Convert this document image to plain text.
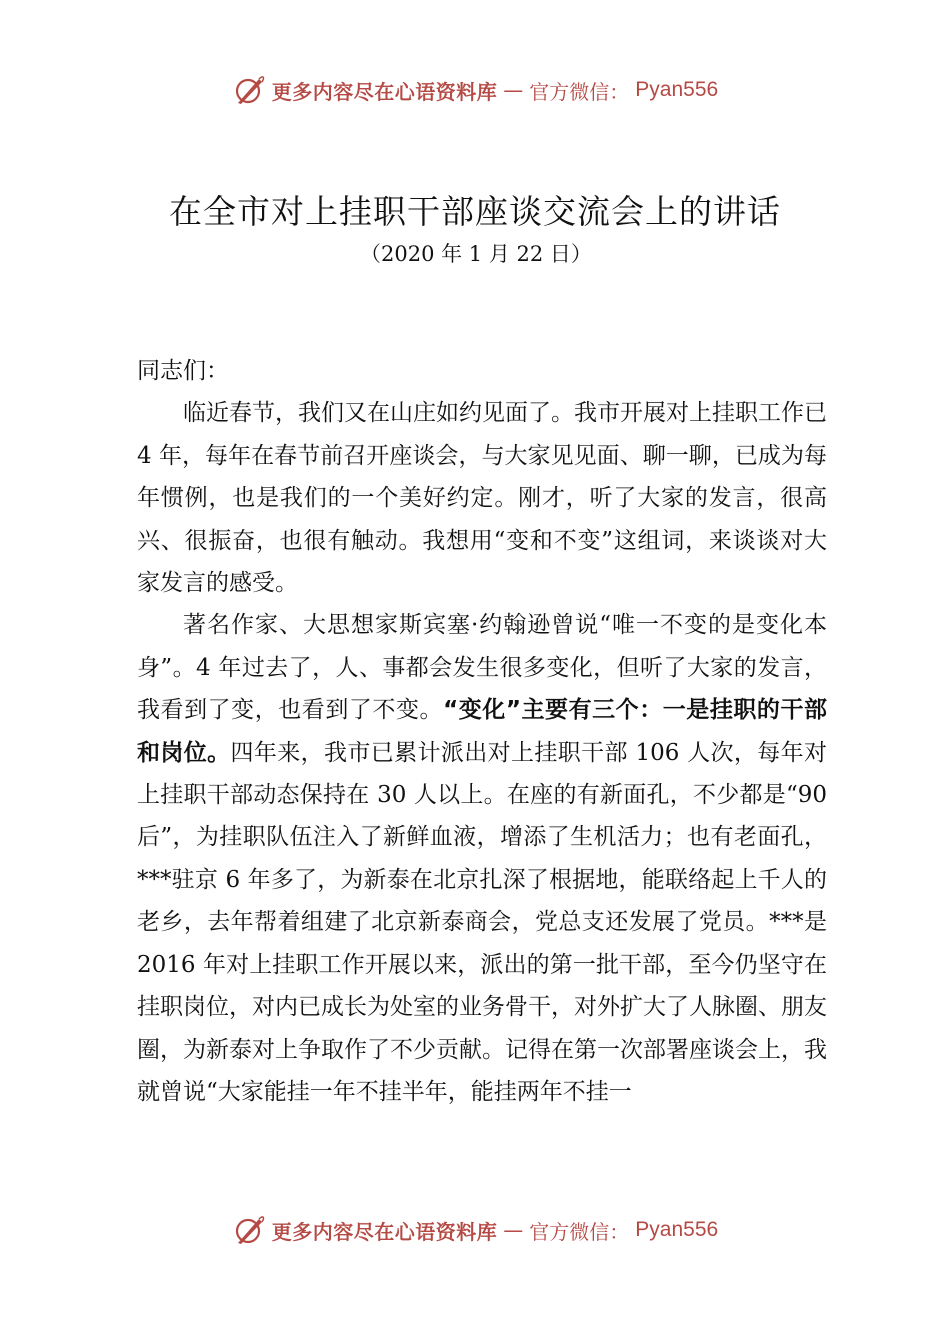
更多内容尽在心语资料库 — 官方微信： Pyan556
在全市对上挂职干部座谈交流会上的讲话
（2020 年 1 月 22 日）

同志们：

临近春节，我们又在山庄如约见面了。我市开展对上挂职工作已 4 年，每年在春节前召开座谈会，与大家见见面、聊一聊，已成为每年惯例，也是我们的一个美好约定。刚才，听了大家的发言，很高兴、很振奋，也很有触动。我想用“变和不变”这组词，来谈谈对大家发言的感受。

著名作家、大思想家斯宾塞·约翰逊曾说“唯一不变的是变化本身”。4 年过去了，人、事都会发生很多变化，但听了大家的发言，我看到了变，也看到了不变。“变化”主要有三个：一是挂职的干部和岗位。四年来，我市已累计派出对上挂职干部 106 人次，每年对上挂职干部动态保持在 30 人以上。在座的有新面孔，不少都是“90 后”，为挂职队伍注入了新鲜血液，增添了生机活力；也有老面孔，***驻京 6 年多了，为新泰在北京扎深了根据地，能联络起上千人的老乡，去年帮着组建了北京新泰商会，党总支还发展了党员。***是 2016 年对上挂职工作开展以来，派出的第一批干部，至今仍坚守在挂职岗位，对内已成长为处室的业务骨干，对外扩大了人脉圈、朋友圈，为新泰对上争取作了不少贡献。记得在第一次部署座谈会上，我就曾说“大家能挂一年不挂半年，能挂两年不挂一

更多内容尽在心语资料库 — 官方微信： Pyan556
